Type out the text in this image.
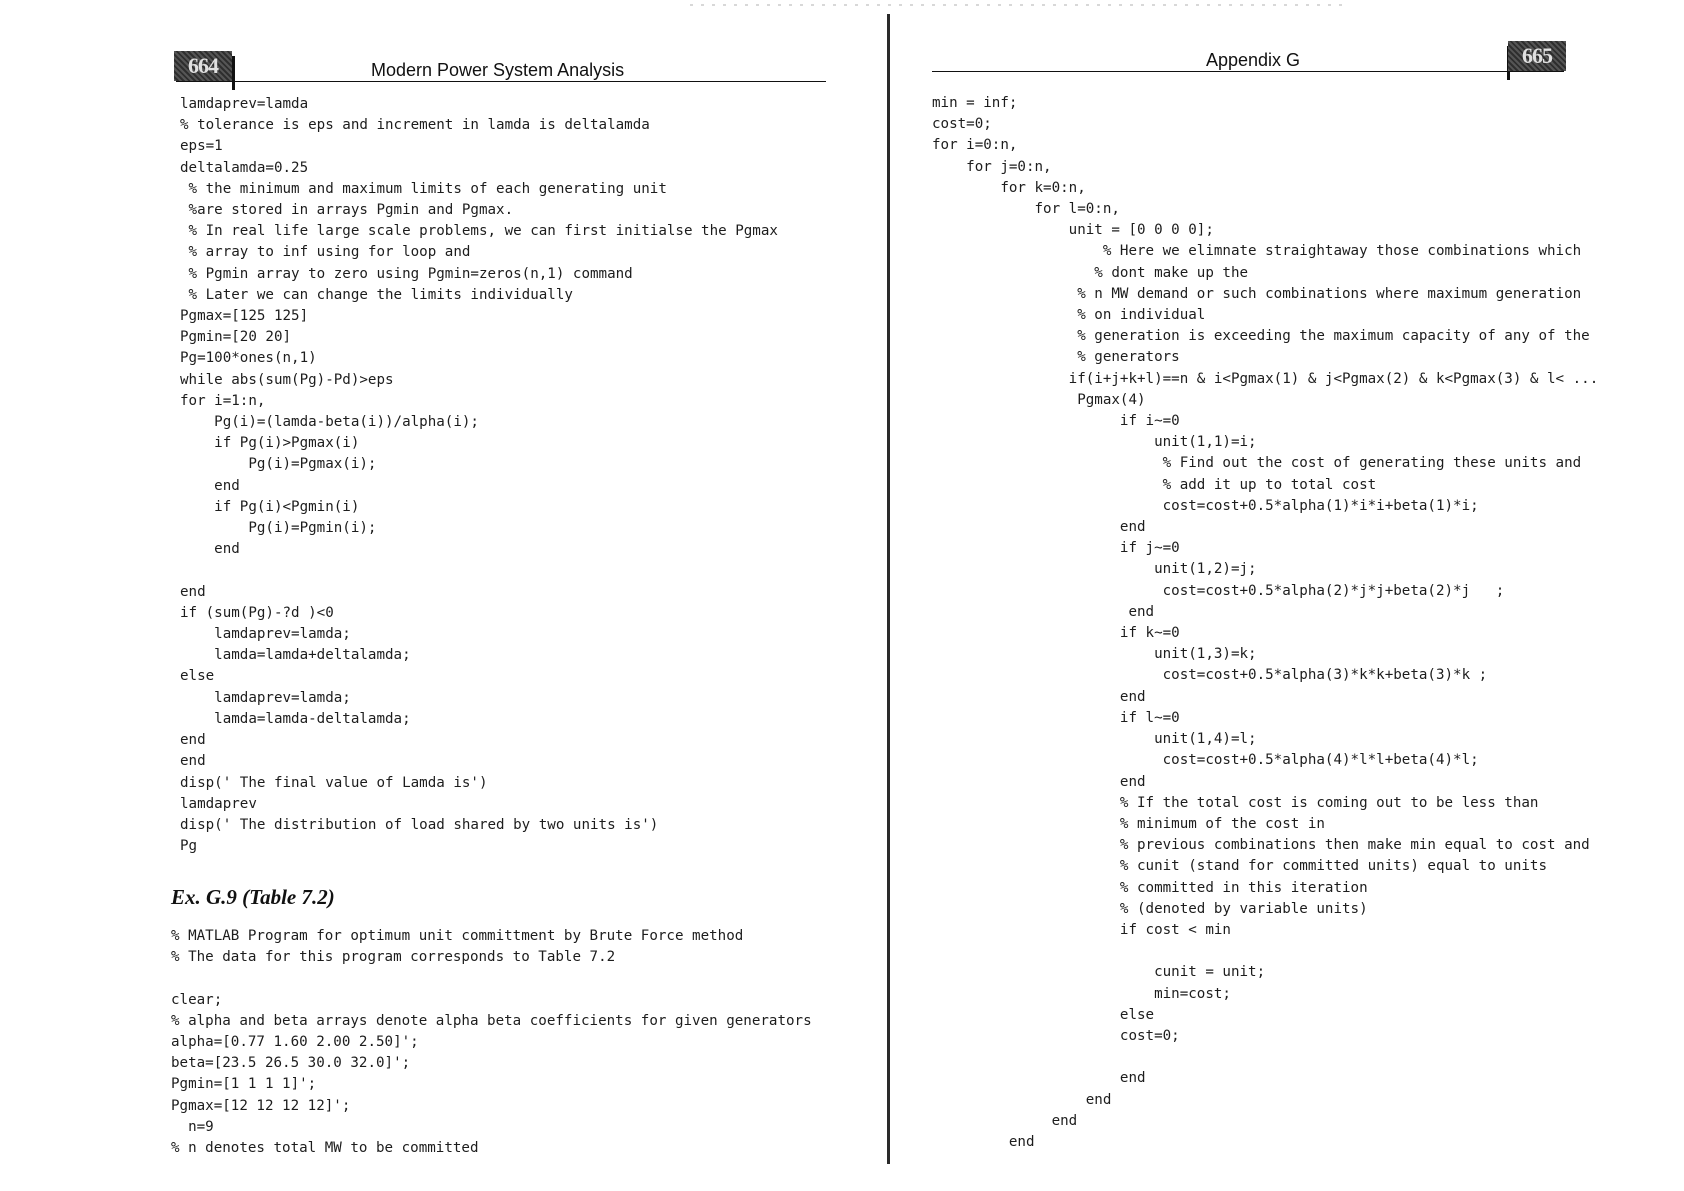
664	Modern Power System Analysis
lamdaprev=lamda
% tolerance is eps and increment in lamda is deltalamda
eps=1
deltalamda=0.25
% the minimum and maximum limits of each generating unit
%are stored in arrays Pgmin and Pgmax.
% In real life large scale problems, we can first initialse the Pgmax
% array to inf using for loop and
% Pgmin array to zero using Pgmin=zeros(n,1) command
% Later we can change the limits individually
Pgmax=[125 125]
Pgmin=[20 20]
Pg=100*ones(n,1)
while abs(sum(Pg)-Pd)>eps
for i=1:n,
Pg(i)=(lamda-beta(i))/alpha(i);
if Pg(i)>Pgmax(i)
Pg(i)=Pgmax(i);
end
if Pg(i)<Pgmin(i)
Pg(i)=Pgmin(i);
end

end
if (sum(Pg)-?d )<0
lamdaprev=lamda;
lamda=lamda+deltalamda;
else
lamdaprev=lamda;
lamda=lamda-deltalamda;
end
end
disp(' The final value of Lamda is')
lamdaprev
disp(' The distribution of load shared by two units is')
Pg
Ex. G.9 (Table 7.2)
% MATLAB Program for optimum unit committment by Brute Force method
% The data for this program corresponds to Table 7.2

clear;
% alpha and beta arrays denote alpha beta coefficients for given generators
alpha=[0.77 1.60 2.00 2.50]';
beta=[23.5 26.5 30.0 32.0]';
Pgmin=[1 1 1 1]';
Pgmax=[12 12 12 12]';
n=9
% n denotes total MW to be committed
Appendix G	665
min = inf;
cost=0;
for i=0:n,
for j=0:n,
for k=0:n,
for l=0:n,
unit = [0 0 0 0];
% Here we elimnate straightaway those combinations which
% dont make up the
% n MW demand or such combinations where maximum generation
% on individual
% generation is exceeding the maximum capacity of any of the
% generators
if(i+j+k+l)==n & i<Pgmax(1) & j<Pgmax(2) & k<Pgmax(3) & l< ...
Pgmax(4)
if i~=0
unit(1,1)=i;
% Find out the cost of generating these units and
% add it up to total cost
cost=cost+0.5*alpha(1)*i*i+beta(1)*i;
end
if j~=0
unit(1,2)=j;
cost=cost+0.5*alpha(2)*j*j+beta(2)*j   ;
end
if k~=0
unit(1,3)=k;
cost=cost+0.5*alpha(3)*k*k+beta(3)*k ;
end
if l~=0
unit(1,4)=l;
cost=cost+0.5*alpha(4)*l*l+beta(4)*l;
end
% If the total cost is coming out to be less than
% minimum of the cost in
% previous combinations then make min equal to cost and
% cunit (stand for committed units) equal to units
% committed in this iteration
% (denoted by variable units)
if cost < min

cunit = unit;
min=cost;
else
cost=0;

end
end
end
end
